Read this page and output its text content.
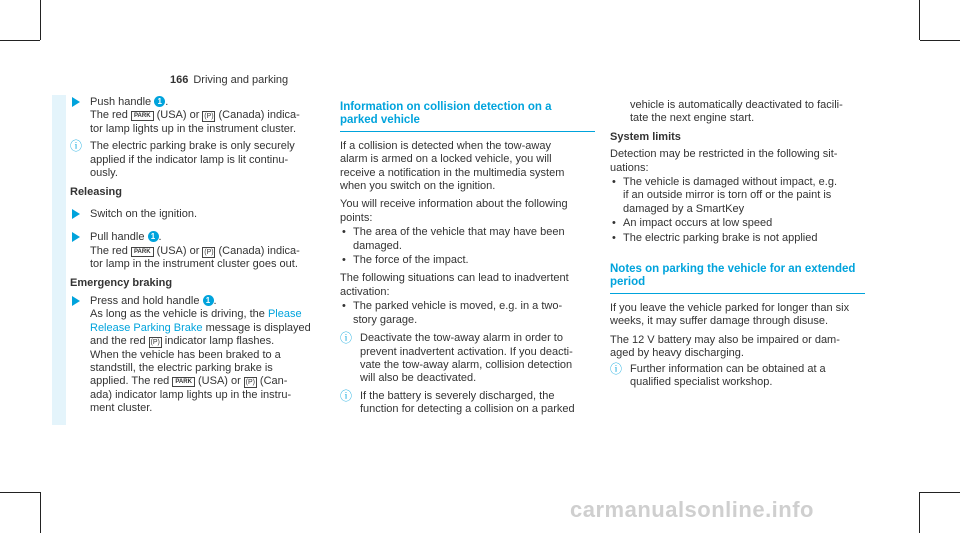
166 Driving and parking
Push handle 1 .
The red PARK (USA) or (P) (Canada) indica-
tor lamp lights up in the instrument cluster.
ⓘ The electric parking brake is only securely
applied if the indicator lamp is lit continu-
ously.
Releasing
Switch on the ignition.
Pull handle 1 .
The red PARK (USA) or (P) (Canada) indica-
tor lamp in the instrument cluster goes out.
Emergency braking
Press and hold handle 1 .
As long as the vehicle is driving, the Please
Release Parking Brake message is displayed
and the red (P) indicator lamp flashes.
When the vehicle has been braked to a
standstill, the electric parking brake is
applied. The red PARK (USA) or (P) (Can-
ada) indicator lamp lights up in the instru-
ment cluster.
Information on collision detection on a
parked vehicle
If a collision is detected when the tow-away
alarm is armed on a locked vehicle, you will
receive a notification in the multimedia system
when you switch on the ignition.
You will receive information about the following
points:
• The area of the vehicle that may have been
damaged.
• The force of the impact.
The following situations can lead to inadvertent
activation:
• The parked vehicle is moved, e.g. in a two-
story garage.
ⓘ Deactivate the tow-away alarm in order to
prevent inadvertent activation. If you deacti-
vate the tow-away alarm, collision detection
will also be deactivated.
ⓘ If the battery is severely discharged, the
function for detecting a collision on a parked
vehicle is automatically deactivated to facili-
tate the next engine start.
System limits
Detection may be restricted in the following sit-
uations:
• The vehicle is damaged without impact, e.g.
if an outside mirror is torn off or the paint is
damaged by a SmartKey
• An impact occurs at low speed
• The electric parking brake is not applied
Notes on parking the vehicle for an extended
period
If you leave the vehicle parked for longer than six
weeks, it may suffer damage through disuse.
The 12 V battery may also be impaired or dam-
aged by heavy discharging.
ⓘ Further information can be obtained at a
qualified specialist workshop.
carmanualsonline.info
